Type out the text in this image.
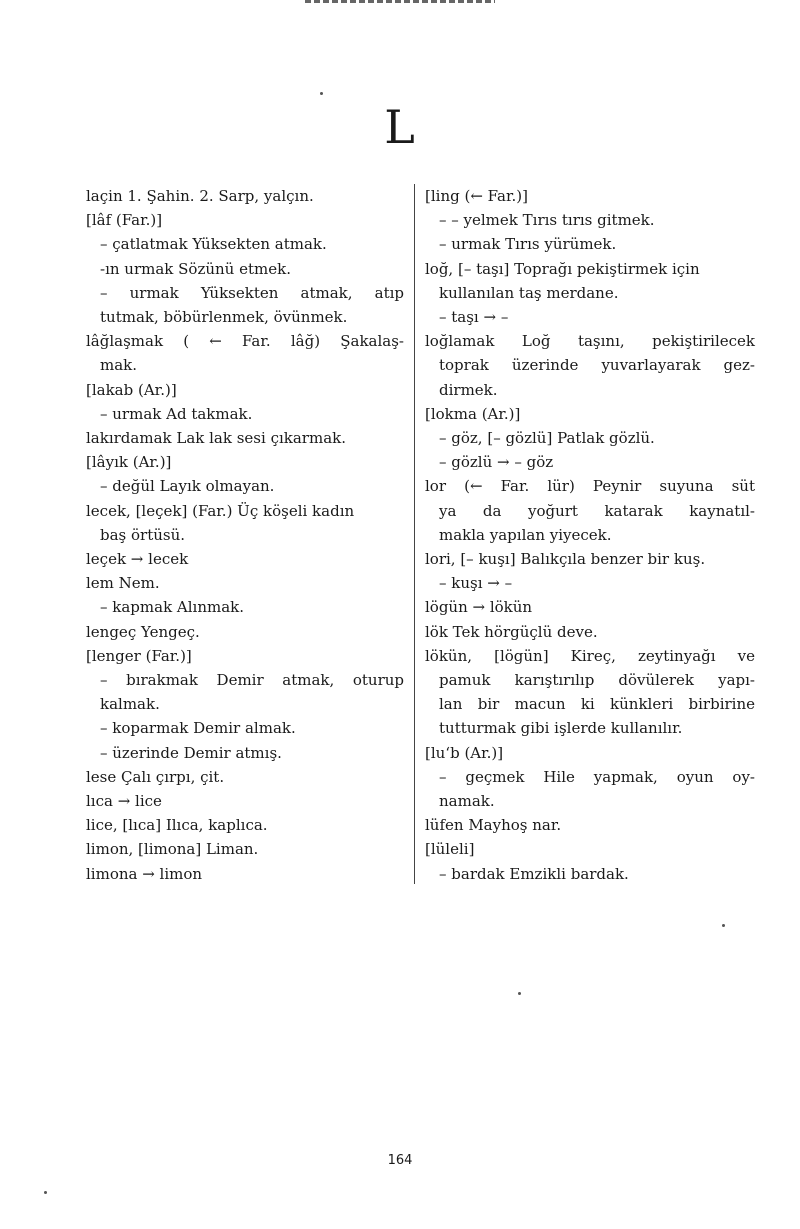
L
laçin 1. Şahin. 2. Sarp, yalçın.
[lâf (Far.)]
– çatlatmak Yüksekten atmak.
-ın urmak Sözünü etmek.
– urmak Yüksekten atmak, atıp
tutmak, böbürlenmek, övünmek.
lâğlaşmak ( ← Far. lâğ) Şakalaş-
mak.
[lakab (Ar.)]
– urmak Ad takmak.
lakırdamak Lak lak sesi çıkarmak.
[lâyık (Ar.)]
– değül Layık olmayan.
lecek, [leçek] (Far.) Üç köşeli kadın
baş örtüsü.
leçek → lecek
lem Nem.
– kapmak Alınmak.
lengeç Yengeç.
[lenger (Far.)]
– bırakmak Demir atmak, oturup
kalmak.
– koparmak Demir almak.
– üzerinde Demir atmış.
lese Çalı çırpı, çit.
lıca → lice
lice, [lıca] Ilıca, kaplıca.
limon, [limona] Liman.
limona → limon
[ling (← Far.)]
– – yelmek Tırıs tırıs gitmek.
– urmak Tırıs yürümek.
loğ, [– taşı] Toprağı pekiştirmek için
kullanılan taş merdane.
– taşı → –
loğlamak Loğ taşını, pekiştirilecek
toprak üzerinde yuvarlayarak gez-
dirmek.
[lokma (Ar.)]
– göz, [– gözlü] Patlak gözlü.
– gözlü → – göz
lor (← Far. lür) Peynir suyuna süt
ya da yoğurt katarak kaynatıl-
makla yapılan yiyecek.
lori, [– kuşı] Balıkçıla benzer bir kuş.
– kuşı → –
lögün → lökün
lök Tek hörgüçlü deve.
lökün, [lögün] Kireç, zeytinyağı ve
pamuk karıştırılıp dövülerek yapı-
lan bir macun ki künkleri birbirine
tutturmak gibi işlerde kullanılır.
[lu‘b (Ar.)]
– geçmek Hile yapmak, oyun oy-
namak.
lüfen Mayhoş nar.
[lüleli]
– bardak Emzikli bardak.
164
